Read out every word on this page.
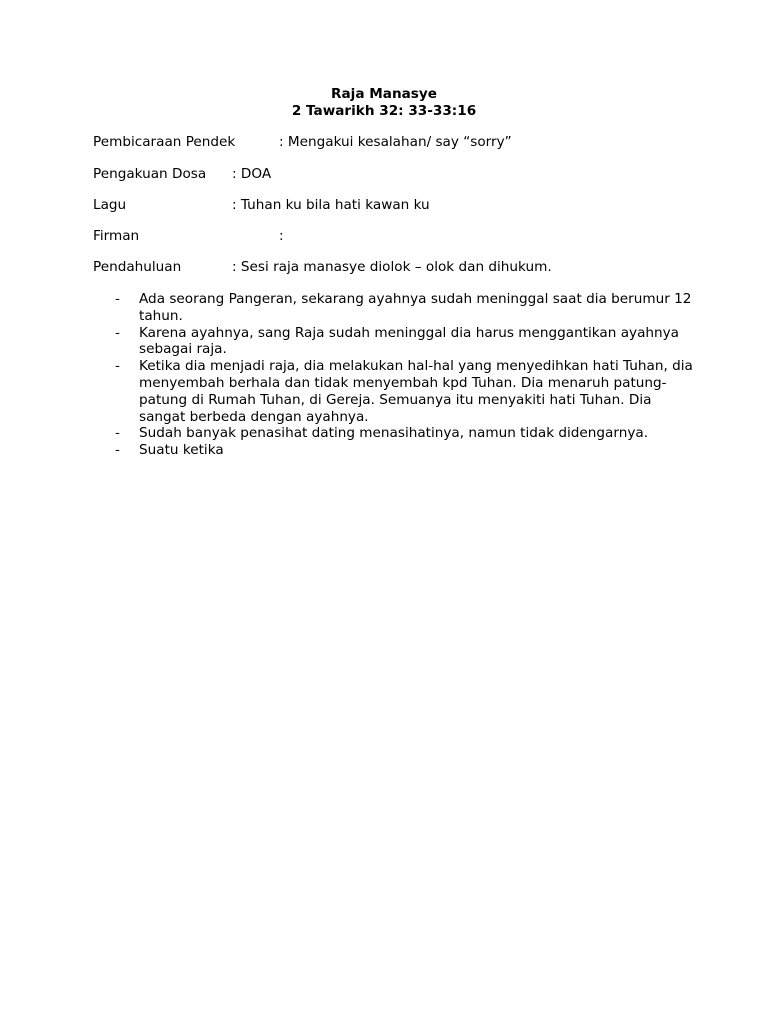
Raja Manasye
2 Tawarikh 32: 33-33:16
Pembicaraan Pendek	: Mengakui kesalahan/ say “sorry”
Pengakuan Dosa : DOA
Lagu	: Tuhan ku bila hati kawan ku
Firman	:
Pendahuluan	: Sesi raja manasye diolok – olok dan dihukum.
- Ada seorang Pangeran, sekarang ayahnya sudah meninggal saat dia berumur 12 tahun.
- Karena ayahnya, sang Raja sudah meninggal dia harus menggantikan ayahnya sebagai raja.
- Ketika dia menjadi raja, dia melakukan hal-hal yang menyedihkan hati Tuhan, dia menyembah berhala dan tidak menyembah kpd Tuhan. Dia menaruh patung-patung di Rumah Tuhan, di Gereja. Semuanya itu menyakiti hati Tuhan. Dia sangat berbeda dengan ayahnya.
- Sudah banyak penasihat dating menasihatinya, namun tidak didengarnya.
- Suatu ketika
